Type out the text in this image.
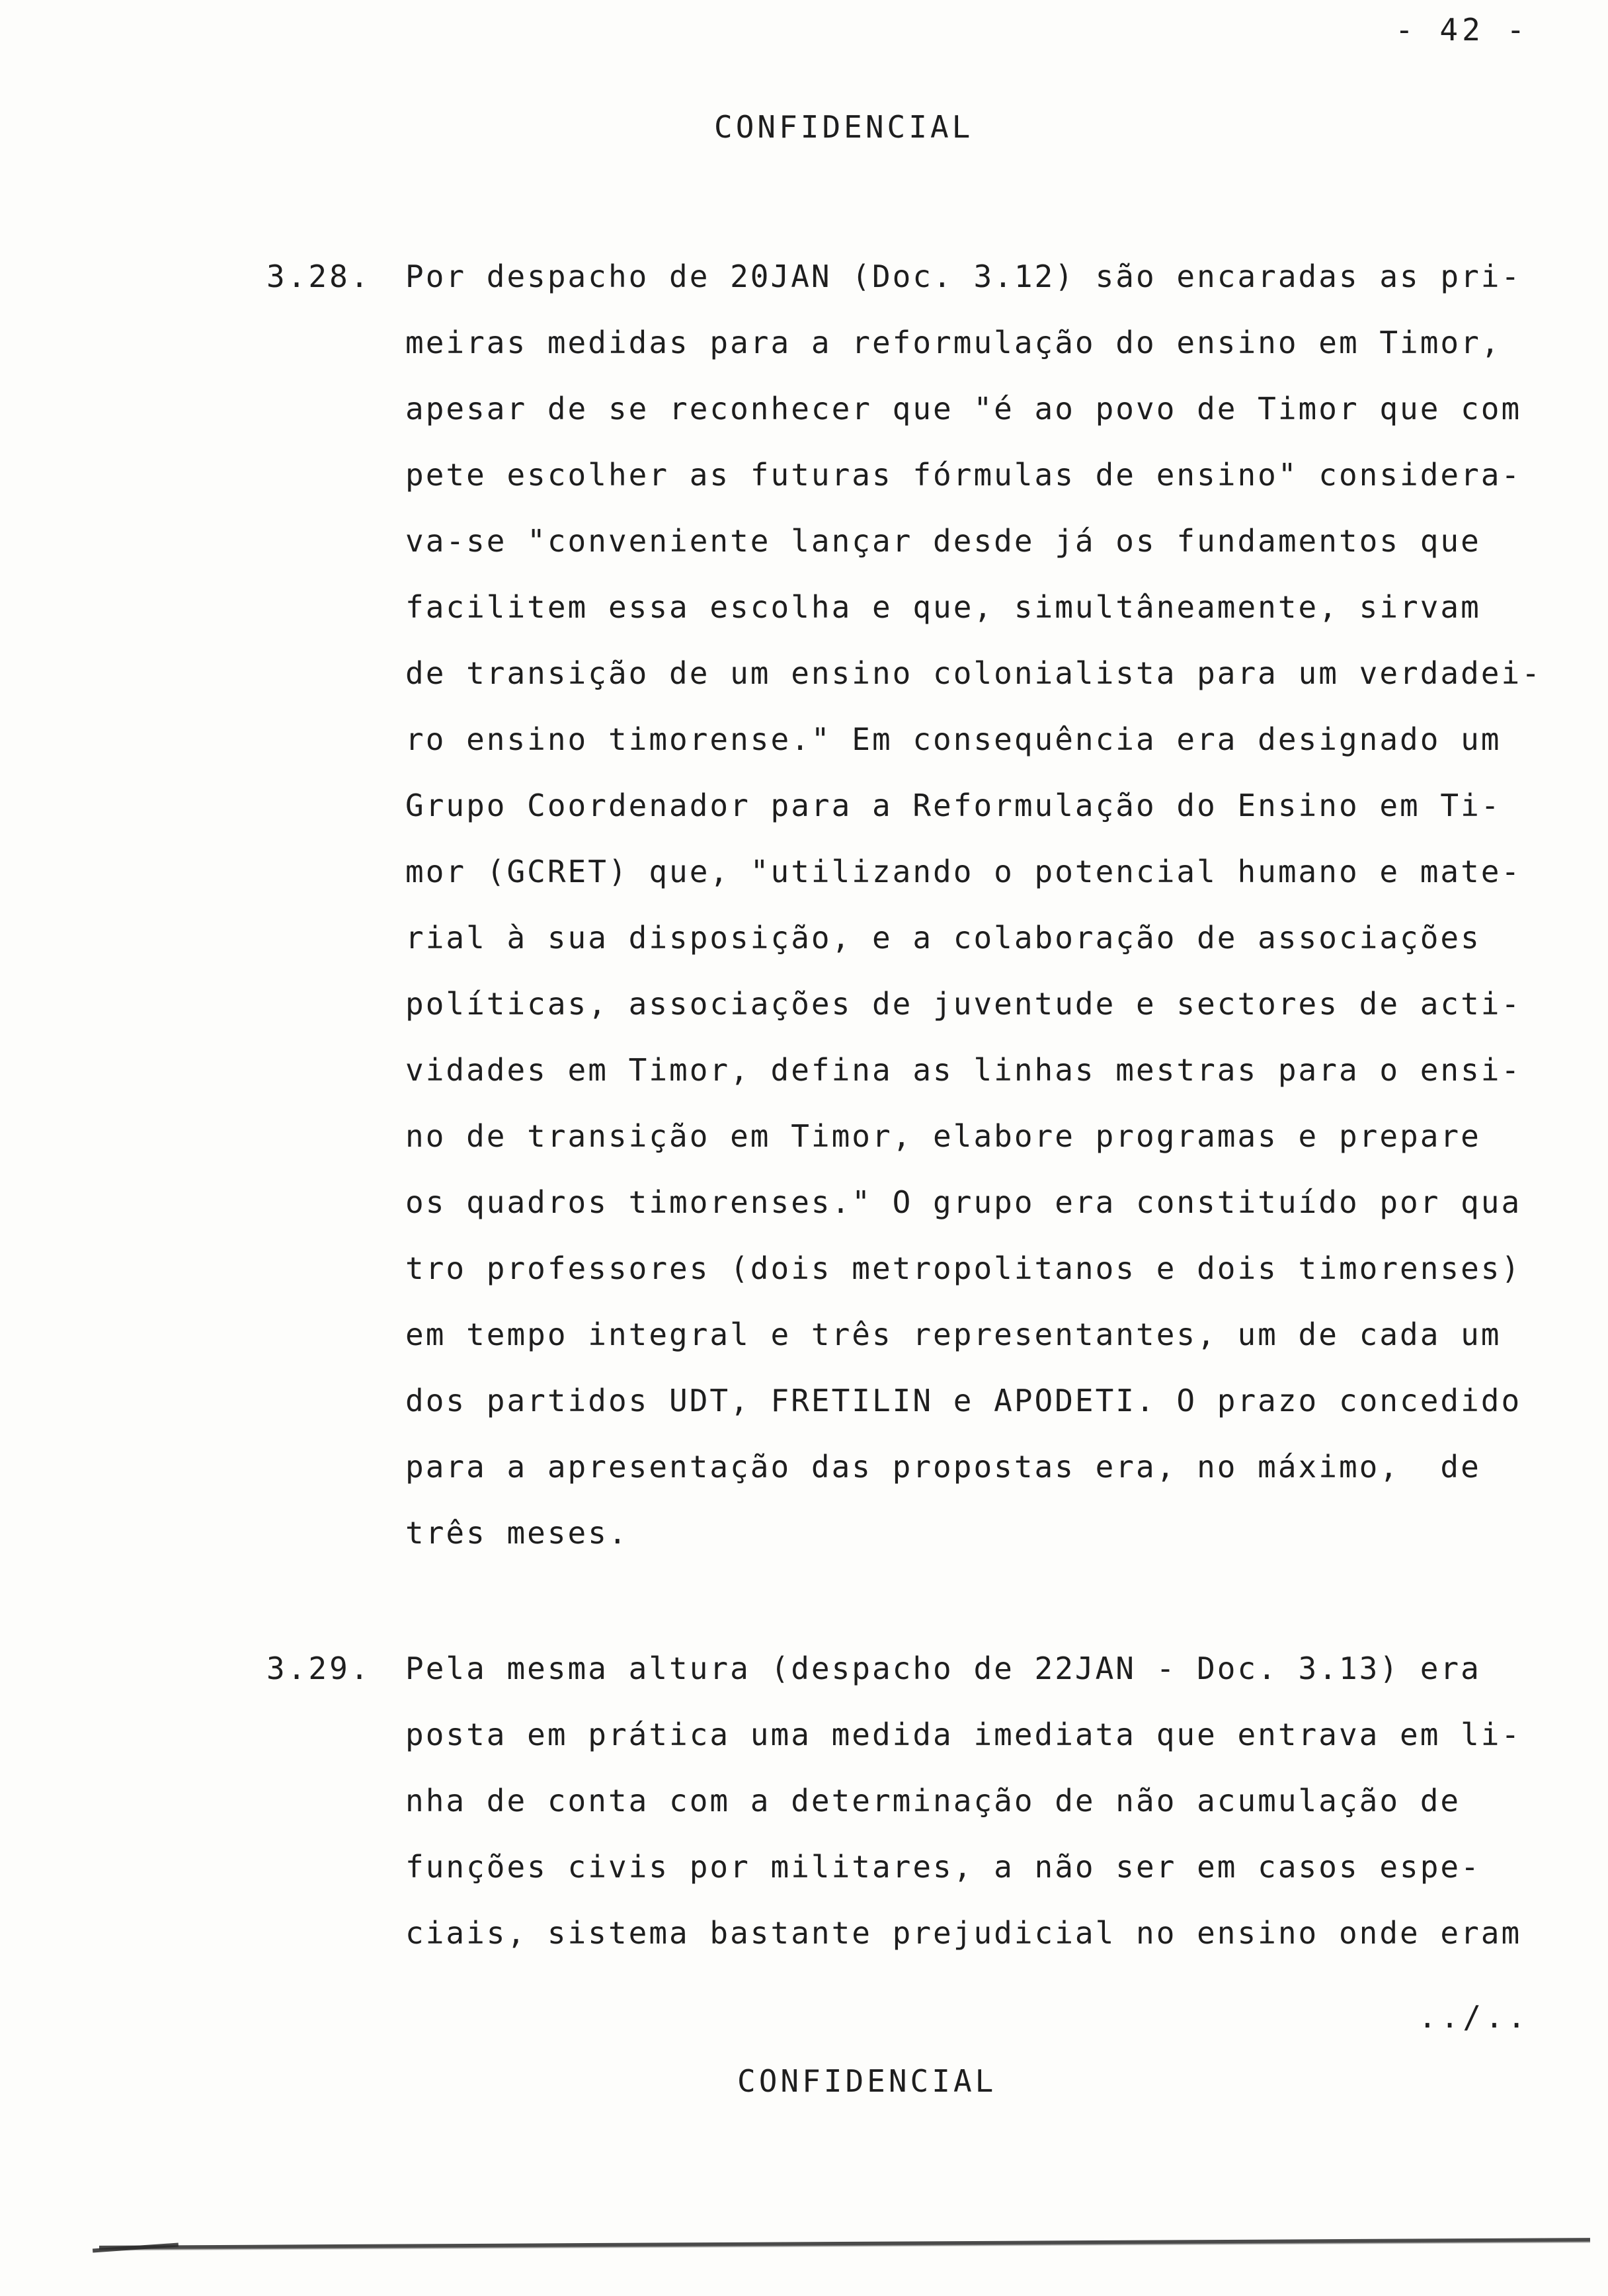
- 42 -
CONFIDENCIAL
3.28. Por despacho de 20JAN (Doc. 3.12) são encaradas as pri-
meiras medidas para a reformulação do ensino em Timor,
apesar de se reconhecer que "é ao povo de Timor que com
pete escolher as futuras fórmulas de ensino" considera-
va-se "conveniente lançar desde já os fundamentos que
facilitem essa escolha e que, simultâneamente, sirvam
de transição de um ensino colonialista para um verdadei-
ro ensino timorense." Em consequência era designado um
Grupo Coordenador para a Reformulação do Ensino em Ti-
mor (GCRET) que, "utilizando o potencial humano e mate-
rial à sua disposição, e a colaboração de associações
políticas, associações de juventude e sectores de acti-
vidades em Timor, defina as linhas mestras para o ensi-
no de transição em Timor, elabore programas e prepare
os quadros timorenses." O grupo era constituído por qua
tro professores (dois metropolitanos e dois timorenses)
em tempo integral e três representantes, um de cada um
dos partidos UDT, FRETILIN e APODETI. O prazo concedido
para a apresentação das propostas era, no máximo,  de
três meses.
3.29. Pela mesma altura (despacho de 22JAN - Doc. 3.13) era
posta em prática uma medida imediata que entrava em li-
nha de conta com a determinação de não acumulação de
funções civis por militares, a não ser em casos espe-
ciais, sistema bastante prejudicial no ensino onde eram
../..
CONFIDENCIAL
